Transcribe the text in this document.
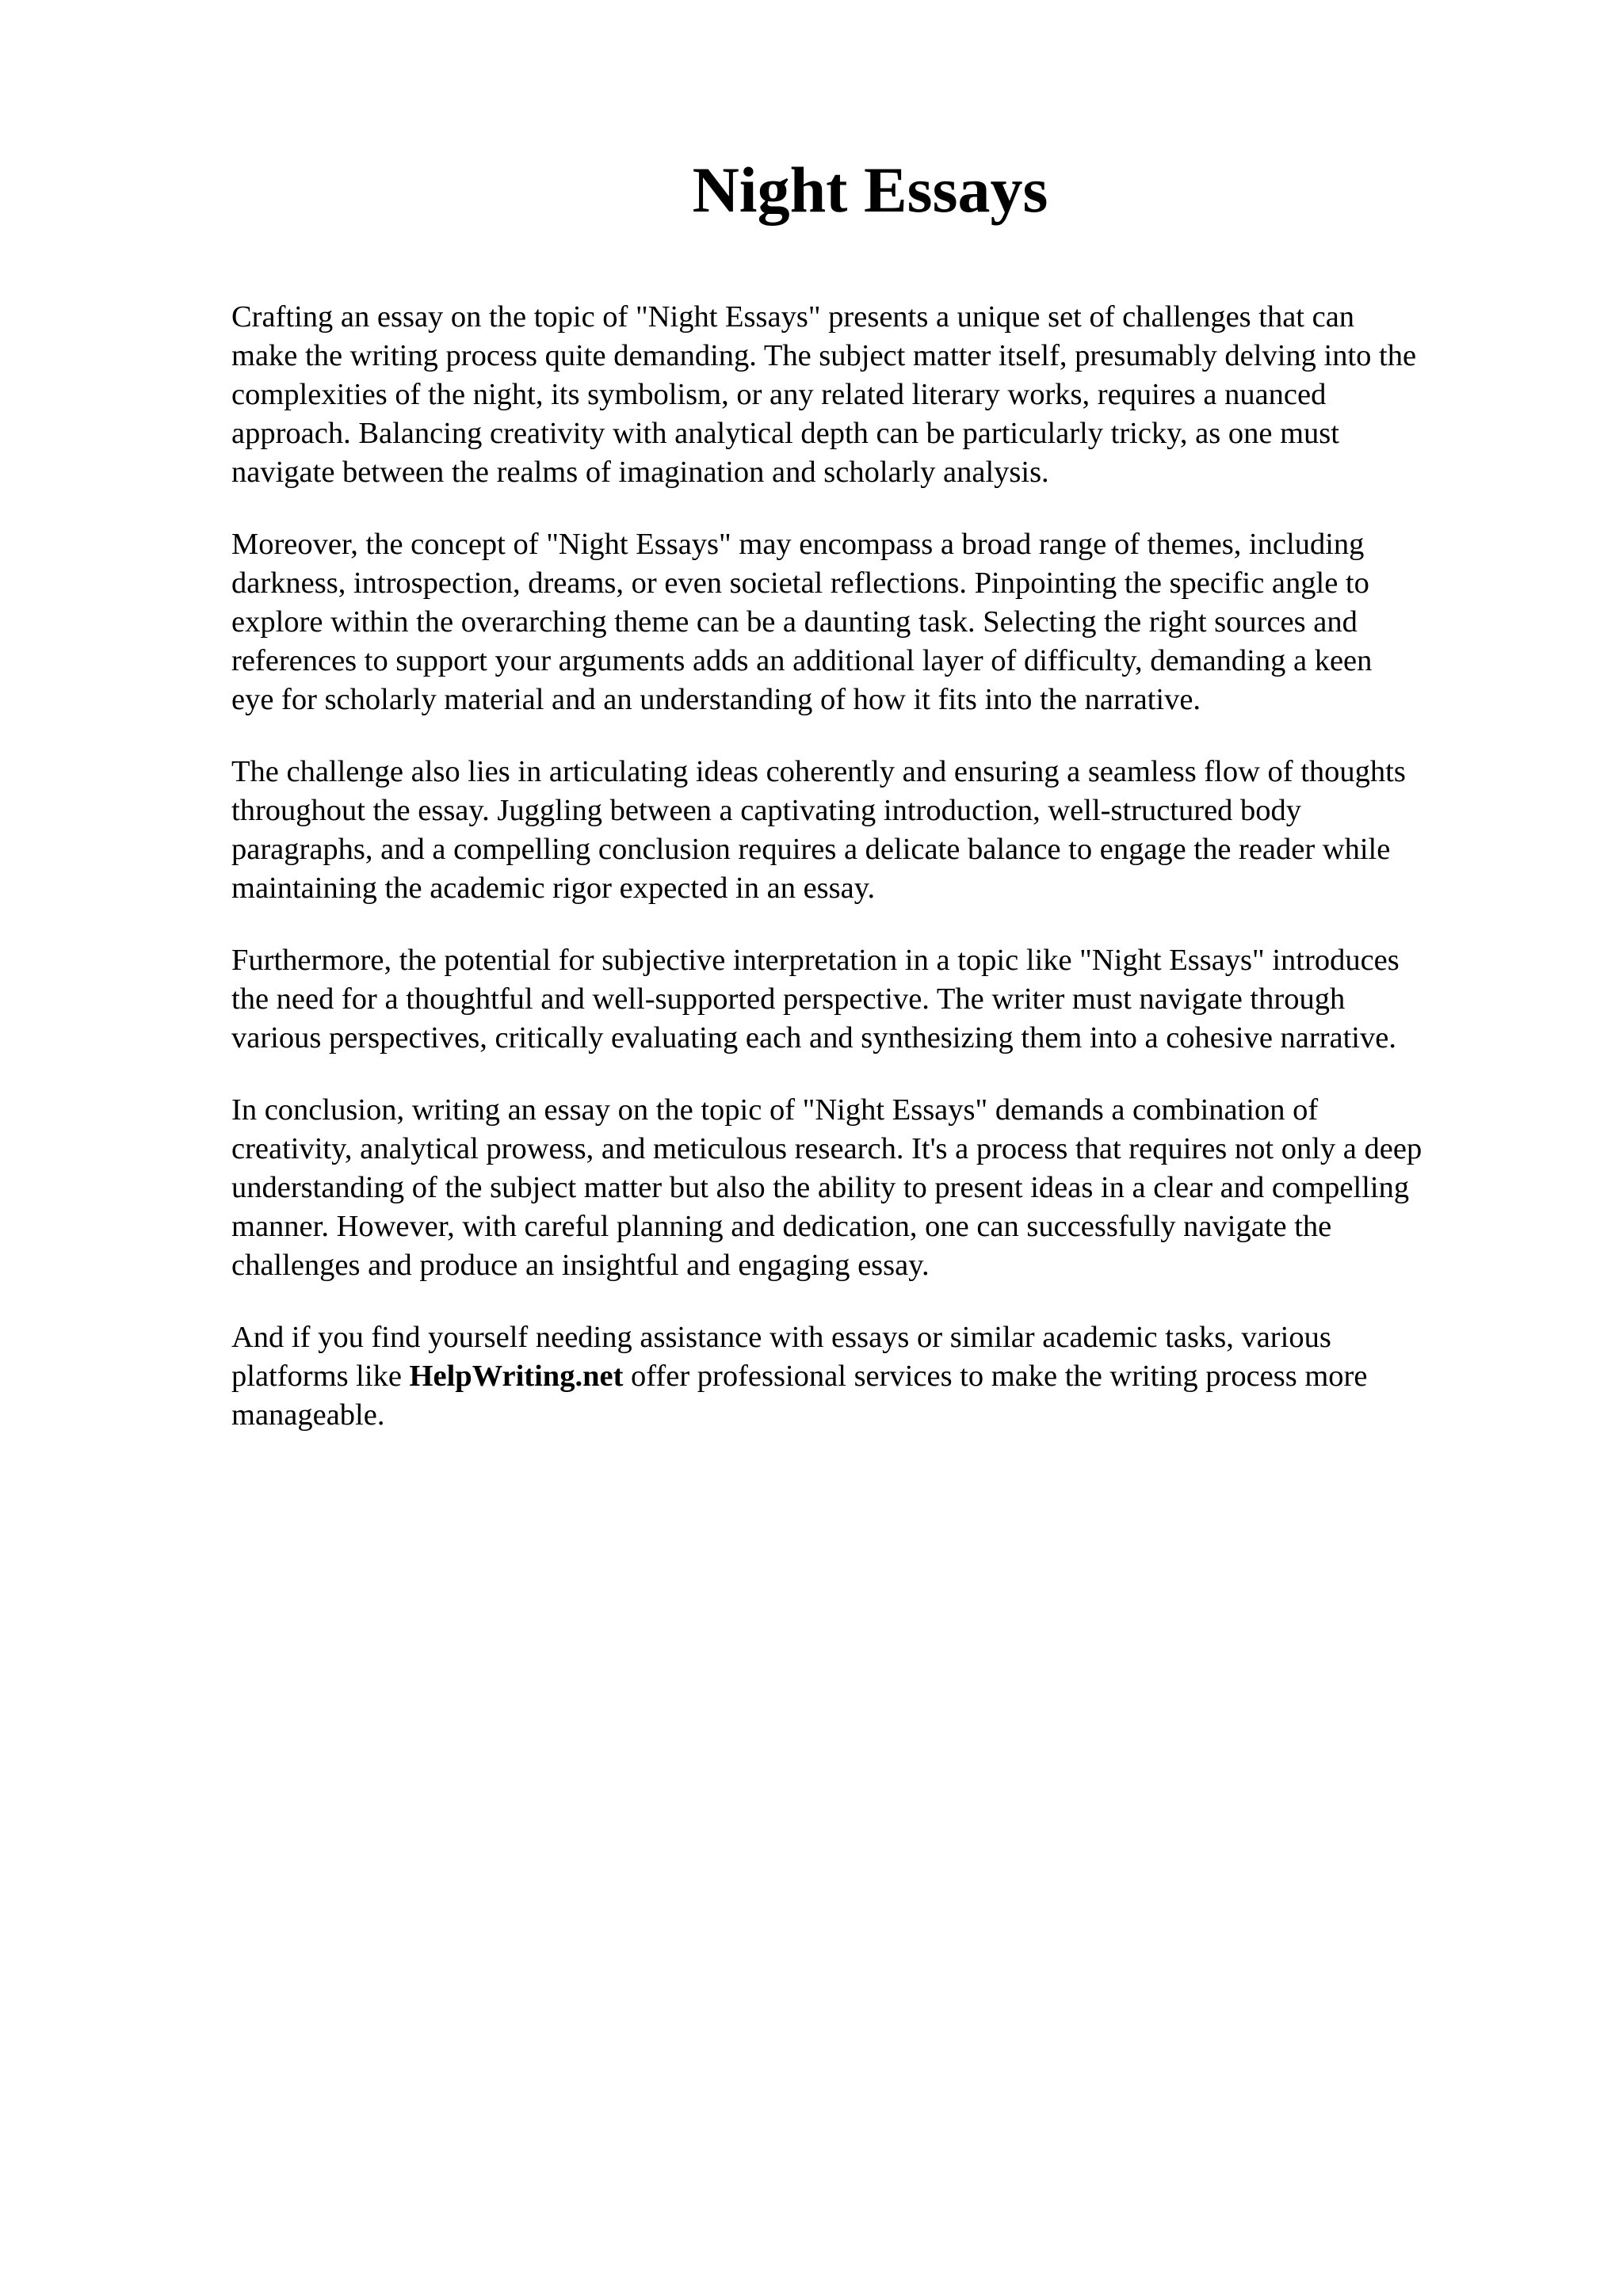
Night Essays

Crafting an essay on the topic of "Night Essays" presents a unique set of challenges that can
make the writing process quite demanding. The subject matter itself, presumably delving into the
complexities of the night, its symbolism, or any related literary works, requires a nuanced
approach. Balancing creativity with analytical depth can be particularly tricky, as one must
navigate between the realms of imagination and scholarly analysis.

Moreover, the concept of "Night Essays" may encompass a broad range of themes, including
darkness, introspection, dreams, or even societal reflections. Pinpointing the specific angle to
explore within the overarching theme can be a daunting task. Selecting the right sources and
references to support your arguments adds an additional layer of difficulty, demanding a keen
eye for scholarly material and an understanding of how it fits into the narrative.

The challenge also lies in articulating ideas coherently and ensuring a seamless flow of thoughts
throughout the essay. Juggling between a captivating introduction, well-structured body
paragraphs, and a compelling conclusion requires a delicate balance to engage the reader while
maintaining the academic rigor expected in an essay.

Furthermore, the potential for subjective interpretation in a topic like "Night Essays" introduces
the need for a thoughtful and well-supported perspective. The writer must navigate through
various perspectives, critically evaluating each and synthesizing them into a cohesive narrative.

In conclusion, writing an essay on the topic of "Night Essays" demands a combination of
creativity, analytical prowess, and meticulous research. It's a process that requires not only a deep
understanding of the subject matter but also the ability to present ideas in a clear and compelling
manner. However, with careful planning and dedication, one can successfully navigate the
challenges and produce an insightful and engaging essay.

And if you find yourself needing assistance with essays or similar academic tasks, various
platforms like HelpWriting.net offer professional services to make the writing process more
manageable.
